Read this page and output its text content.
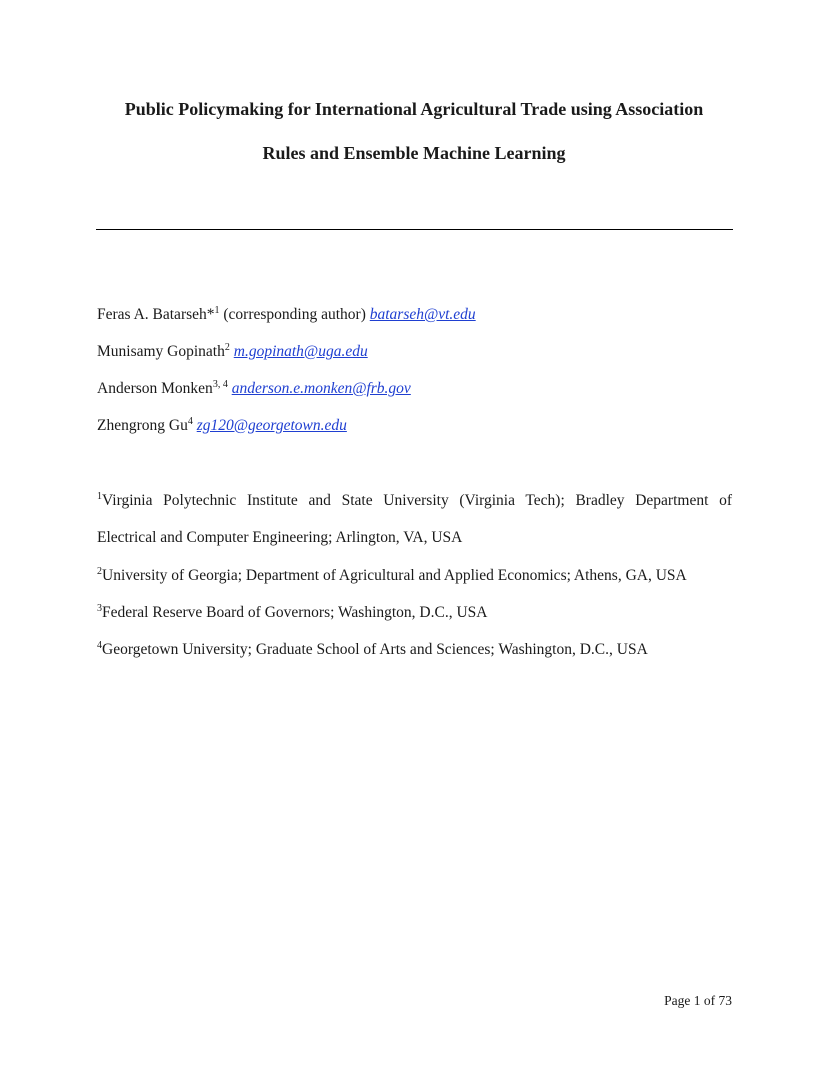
Public Policymaking for International Agricultural Trade using Association
Rules and Ensemble Machine Learning
Feras A. Batarseh*$^1$ (corresponding author) batarseh@vt.edu
Munisamy Gopinath$^2$ m.gopinath@uga.edu
Anderson Monken$^{3, 4}$ anderson.e.monken@frb.gov
Zhengrong Gu$^4$ zg120@georgetown.edu
$^1$Virginia Polytechnic Institute and State University (Virginia Tech); Bradley Department of
Electrical and Computer Engineering; Arlington, VA, USA
$^2$University of Georgia; Department of Agricultural and Applied Economics; Athens, GA, USA
$^3$Federal Reserve Board of Governors; Washington, D.C., USA
$^4$Georgetown University; Graduate School of Arts and Sciences; Washington, D.C., USA
Page 1 of 73
